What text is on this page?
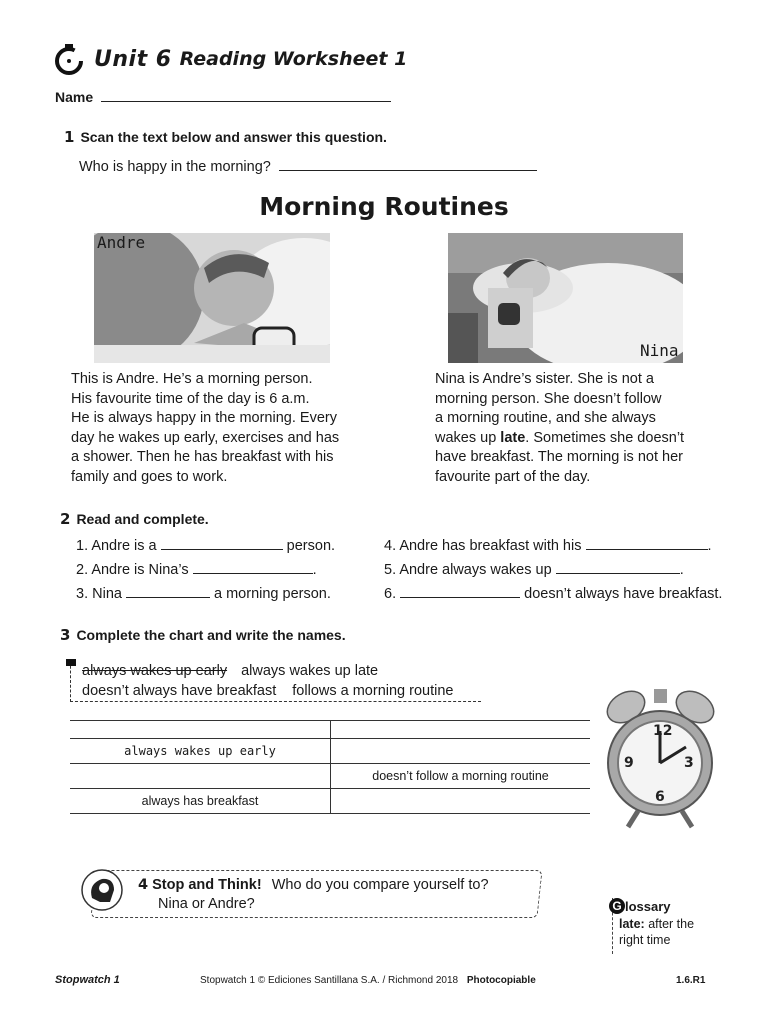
Unit 6 Reading Worksheet 1
Name
1 Scan the text below and answer this question.
Who is happy in the morning?
Morning Routines
Andre
Nina
This is Andre. He’s a morning person.
His favourite time of the day is 6 a.m.
He is always happy in the morning. Every
day he wakes up early, exercises and has
a shower. Then he has breakfast with his
family and goes to work.
Nina is Andre’s sister. She is not a
morning person. She doesn’t follow
a morning routine, and she always
wakes up late. Sometimes she doesn’t
have breakfast. The morning is not her
favourite part of the day.
2 Read and complete.
1. Andre is a	person.
2. Andre is Nina’s	.
3. Nina	a morning person.
4. Andre has breakfast with his	.
5. Andre always wakes up	.
6.	doesn’t always have breakfast.
3 Complete the chart and write the names.
always wakes up early always wakes up late
doesn’t always have breakfast follows a morning routine

always wakes up early	
	doesn’t follow a morning routine
always has breakfast	
12
3
6
9
4 Stop and Think! Who do you compare yourself to?
Nina or Andre?	G lossary
late: after the
right time
Stopwatch 1	Stopwatch 1 © Ediciones Santillana S.A. / Richmond 2018 Photocopiable	1.6.R1
